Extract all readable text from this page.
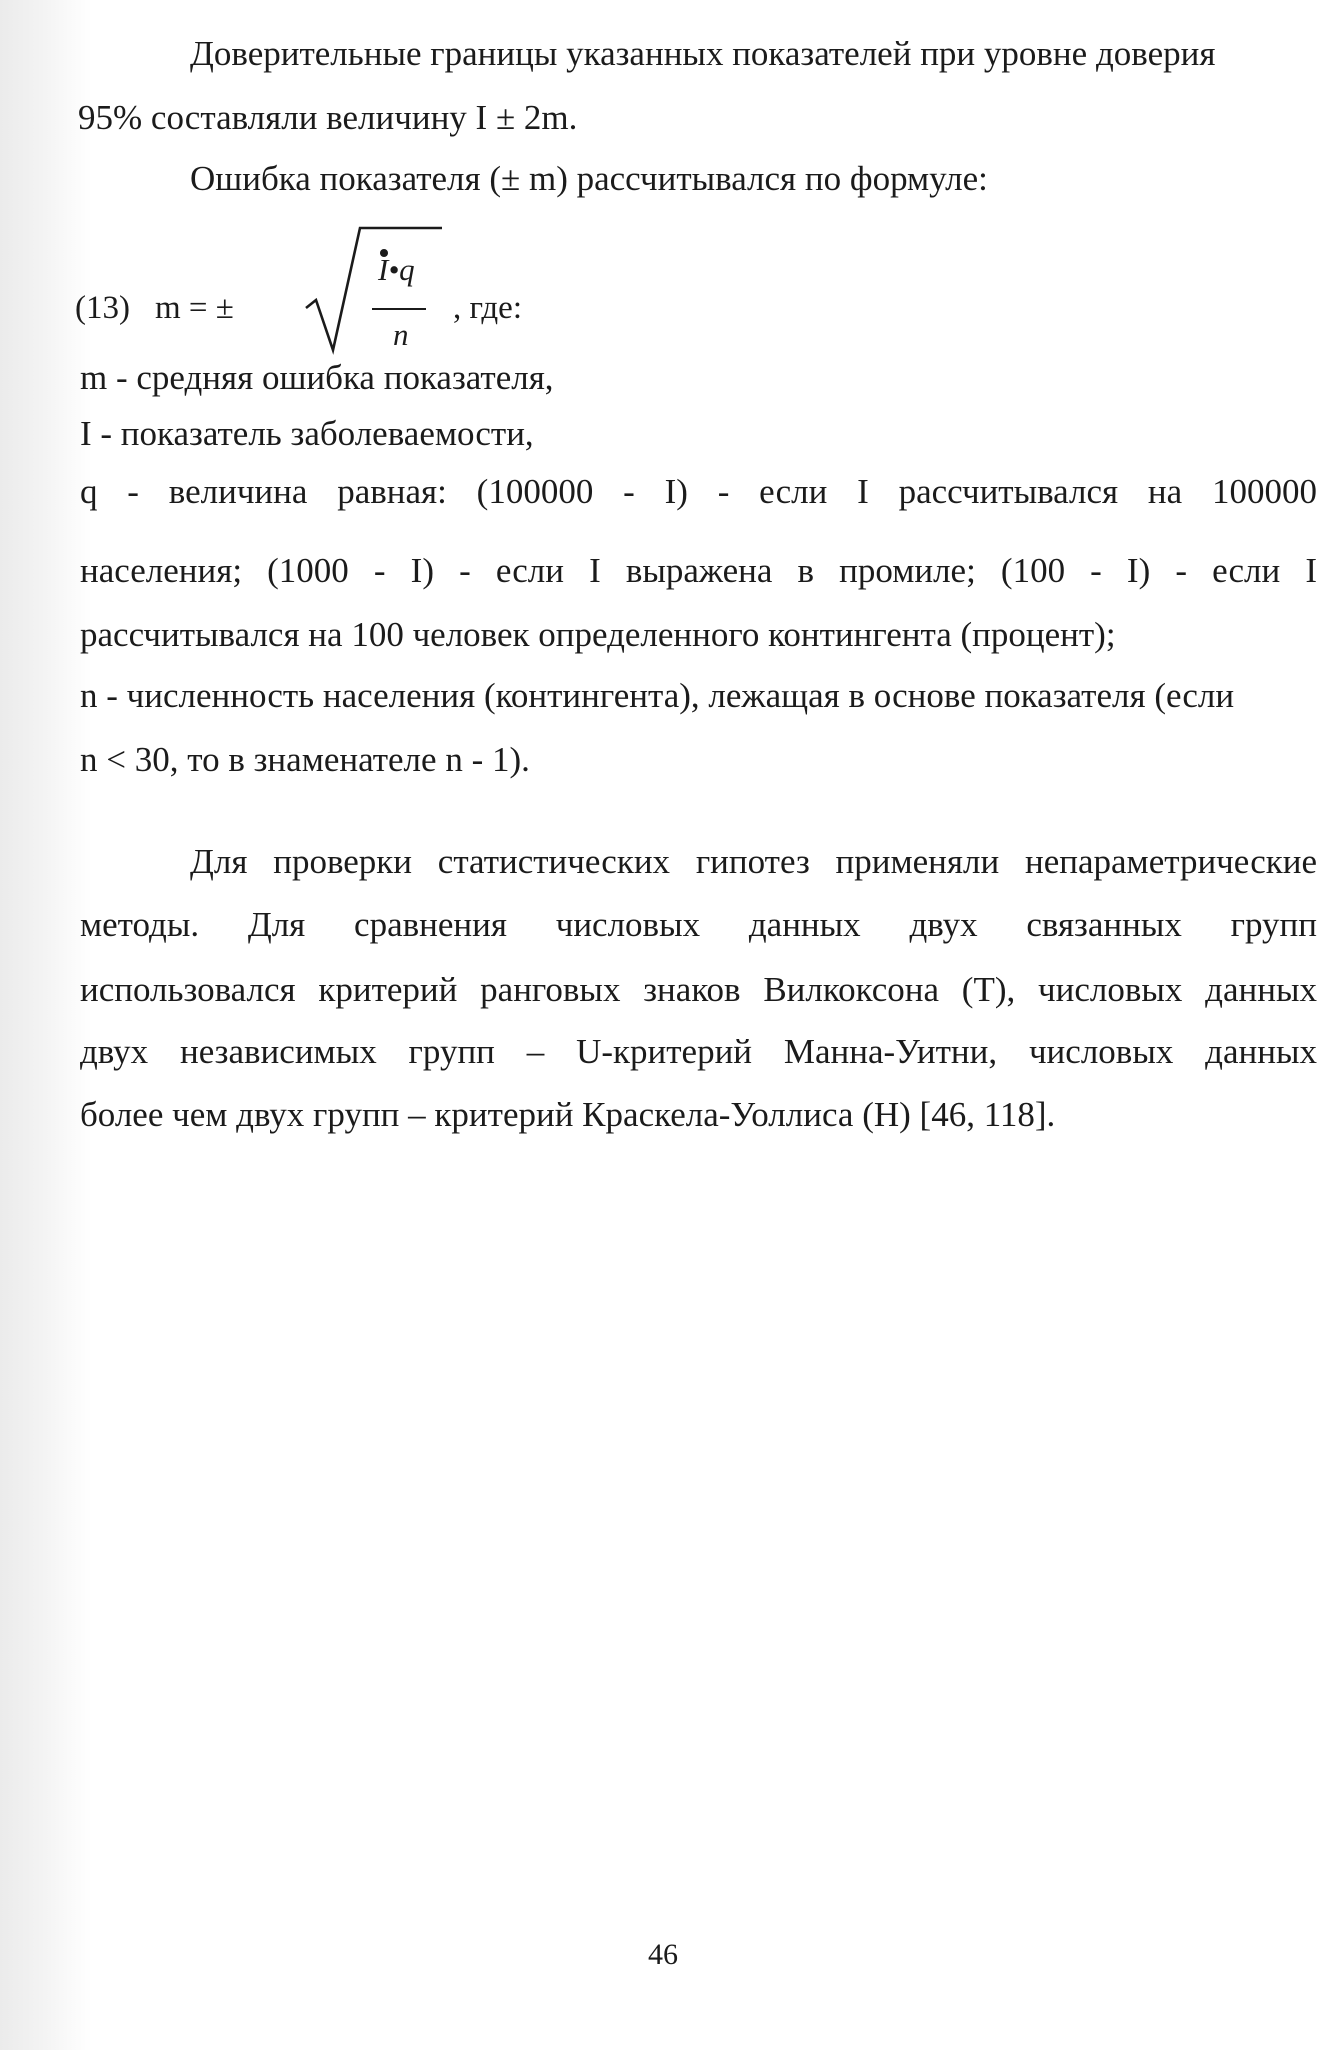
Доверительные границы указанных показателей при уровне доверия
95% составляли величину I ± 2m.
Ошибка показателя (± m) рассчитывался по формуле:
(13) m = ±
I•q
n
, где:
m - средняя ошибка показателя,
I - показатель заболеваемости,
q - величина равная: (100000 - I) - если I рассчитывался на 100000
населения; (1000 - I) - если I выражена в промиле; (100 - I) - если I
рассчитывался на 100 человек определенного контингента (процент);
n - численность населения (контингента), лежащая в основе показателя (если
n < 30, то в знаменателе n - 1).
Для проверки статистических гипотез применяли непараметрические
методы. Для сравнения числовых данных двух связанных групп
использовался критерий ранговых знаков Вилкоксона (Т), числовых данных
двух независимых групп – U-критерий Манна-Уитни, числовых данных
более чем двух групп – критерий Краскела-Уоллиса (Н) [46, 118].
46
